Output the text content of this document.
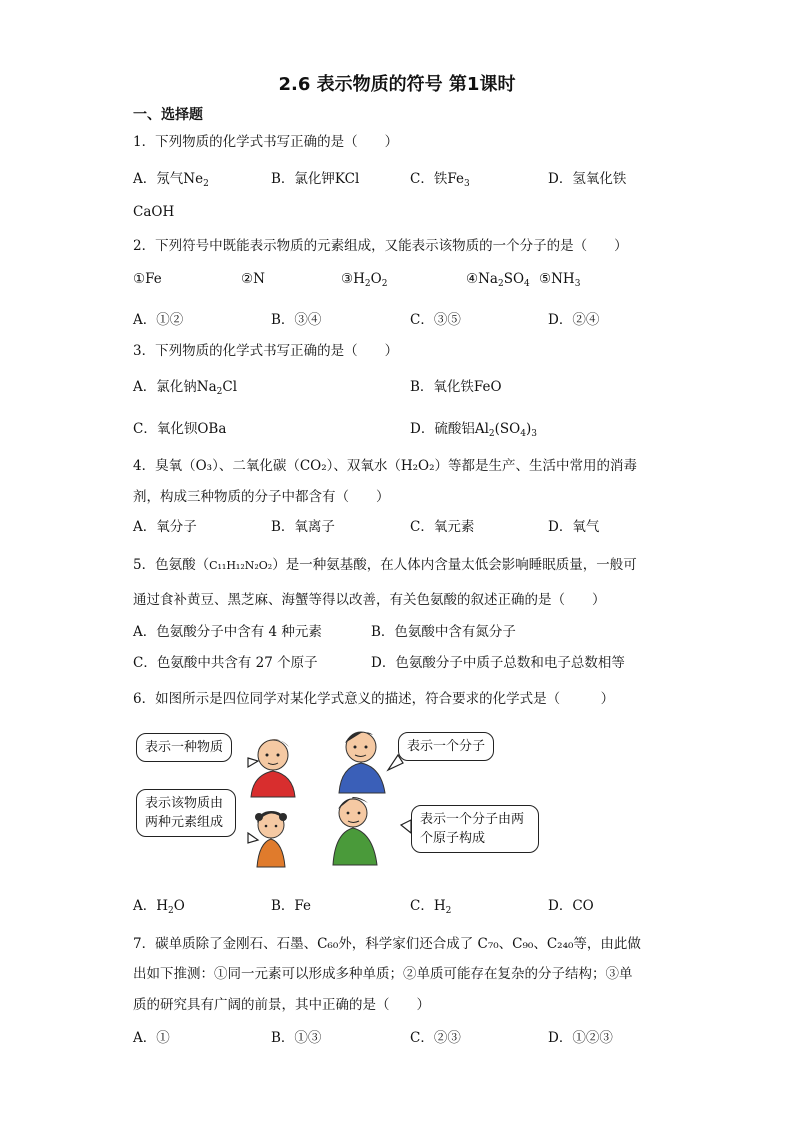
2.6 表示物质的符号 第1课时
一、选择题
1．下列物质的化学式书写正确的是（　　）
A．氖气$Ne_2$	B．氯化钾KCl	C．铁$Fe_3$	D．氢氧化铁
CaOH
2．下列符号中既能表示物质的元素组成，又能表示该物质的一个分子的是（　　）
①Fe	②N	$③H_2O_2$	$④Na_2SO_4$ $⑤NH_3$
A．①②	B．③④	C．③⑤	D．②④
3．下列物质的化学式书写正确的是（　　）
A．氯化钠$Na_2Cl$	B．氧化铁FeO
C．氧化钡OBa	D．硫酸铝$Al_2(SO_4)_3$
4．臭氧（O₃）、二氧化碳（CO₂）、双氧水（H₂O₂）等都是生产、生活中常用的消毒
剂，构成三种物质的分子中都含有（　　）
A．氧分子	B．氧离子	C．氧元素	D．氧气
5．色氨酸（C₁₁H₁₂N₂O₂）是一种氨基酸，在人体内含量太低会影响睡眠质量，一般可
通过食补黄豆、黑芝麻、海蟹等得以改善，有关色氨酸的叙述正确的是（　　）
A．色氨酸分子中含有 4 种元素	B．色氨酸中含有氮分子
C．色氨酸中共含有 27 个原子	D．色氨酸分子中质子总数和电子总数相等
6．如图所示是四位同学对某化学式意义的描述，符合要求的化学式是（　　　）
表示一种物质	表示一个分子
表示该物质由两种元素组成	表示一个分子由两个原子构成
A．$H_2O$	B．Fe	C．$H_2$	D．CO
7．碳单质除了金刚石、石墨、C₆₀外，科学家们还合成了 C₇₀、C₉₀、C₂₄₀等，由此做
出如下推测：①同一元素可以形成多种单质；②单质可能存在复杂的分子结构；③单
质的研究具有广阔的前景，其中正确的是（　　）
A．①	B．①③	C．②③	D．①②③
